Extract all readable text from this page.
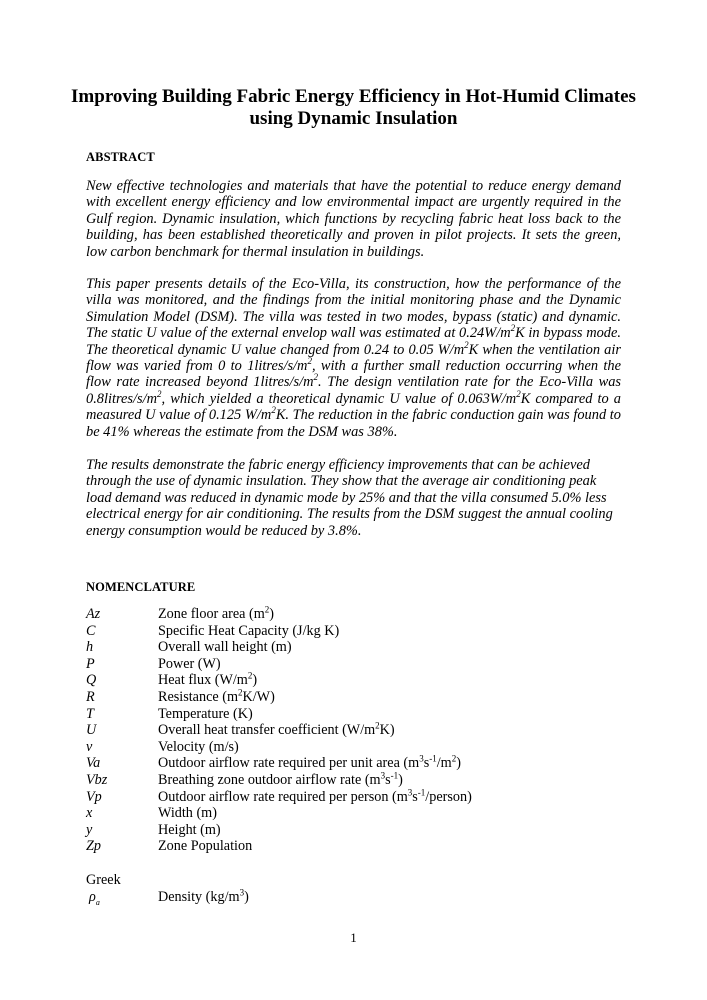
Improving Building Fabric Energy Efficiency in Hot-Humid Climates using Dynamic Insulation

ABSTRACT

New effective technologies and materials that have the potential to reduce energy demand with excellent energy efficiency and low environmental impact are urgently required in the Gulf region. Dynamic insulation, which functions by recycling fabric heat loss back to the building, has been established theoretically and proven in pilot projects. It sets the green, low carbon benchmark for thermal insulation in buildings.

This paper presents details of the Eco-Villa, its construction, how the performance of the villa was monitored, and the findings from the initial monitoring phase and the Dynamic Simulation Model (DSM). The villa was tested in two modes, bypass (static) and dynamic. The static U value of the external envelop wall was estimated at $0.24W/m^2K$ in bypass mode. The theoretical dynamic U value changed from 0.24 to 0.05 $W/m^2K$ when the ventilation air flow was varied from 0 to $1litres/s/m^2$, with a further small reduction occurring when the flow rate increased beyond $1litres/s/m^2$. The design ventilation rate for the Eco-Villa was $0.8litres/s/m^2$, which yielded a theoretical dynamic U value of $0.063W/m^2K$ compared to a measured U value of 0.125 $W/m^2K$. The reduction in the fabric conduction gain was found to be 41% whereas the estimate from the DSM was 38%.

The results demonstrate the fabric energy efficiency improvements that can be achieved through the use of dynamic insulation. They show that the average air conditioning peak load demand was reduced in dynamic mode by 25% and that the villa consumed 5.0% less electrical energy for air conditioning. The results from the DSM suggest the annual cooling energy consumption would be reduced by 3.8%.

NOMENCLATURE

Az	Zone floor area $(m^2)$
C	Specific Heat Capacity (J/kg K)
h	Overall wall height (m)
P	Power (W)
Q	Heat flux $(W/m^2)$
R	Resistance $(m^2K/W)$
T	Temperature (K)
U	Overall heat transfer coefficient $(W/m^2K)$
v	Velocity (m/s)
Va	Outdoor airflow rate required per unit area $(m^3s^{-1}/m^2)$
Vbz	Breathing zone outdoor airflow rate $(m^3s^{-1})$
Vp	Outdoor airflow rate required per person $(m^3s^{-1}/person)$
x	Width (m)
y	Height (m)
Zp	Zone Population

Greek

$\rho_a$	Density $(kg/m^3)$

1
